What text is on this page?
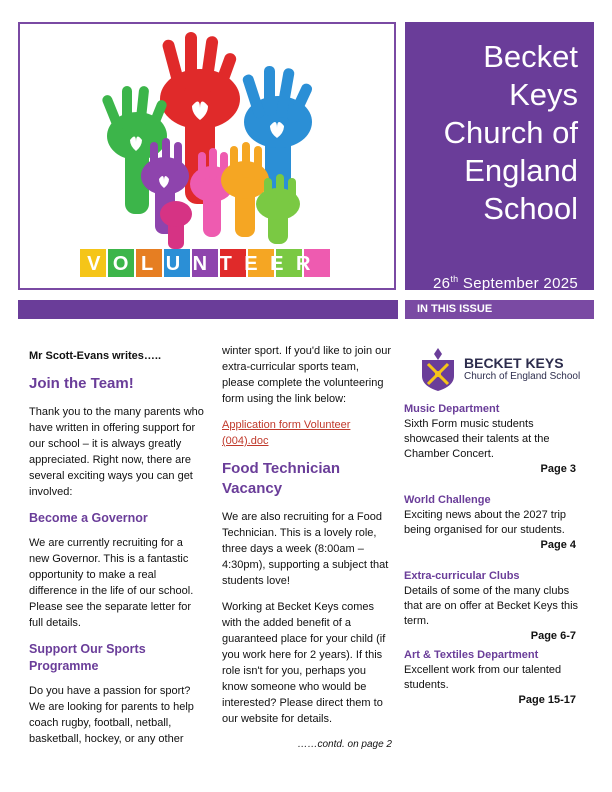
VOLUNTEER
Becket Keys Church of England School
26th September 2025
IN THIS ISSUE
Mr Scott-Evans writes…..
Join the Team!

Thank you to the many parents who have written in offering support for our school – it is always greatly appreciated. Right now, there are several exciting ways you can get involved:

Become a Governor

We are currently recruiting for a new Governor. This is a fantastic opportunity to make a real difference in the life of our school. Please see the separate letter for full details.

Support Our Sports Programme

Do you have a passion for sport? We are looking for parents to help coach rugby, football, netball, basketball, hockey, or any other

winter sport. If you'd like to join our extra-curricular sports team, please complete the volunteering form using the link below:

Application form Volunteer (004).doc

Food Technician Vacancy

We are also recruiting for a Food Technician. This is a lovely role, three days a week (8:00am – 4:30pm), supporting a subject that students love!

Working at Becket Keys comes with the added benefit of a guaranteed place for your child (if you work here for 2 years). If this role isn't for you, perhaps you know someone who would be interested? Please direct them to our website for details.

……contd. on page 2
BECKET KEYS
Church of England School
Music Department

Sixth Form music students showcased their talents at the Chamber Concert.

Page 3
World Challenge

Exciting news about the 2027 trip being organised for our students.

Page 4
Extra-curricular Clubs

Details of some of the many clubs that are on offer at Becket Keys this term.

Page 6-7
Art & Textiles Department

Excellent work from our talented students.

Page 15-17
